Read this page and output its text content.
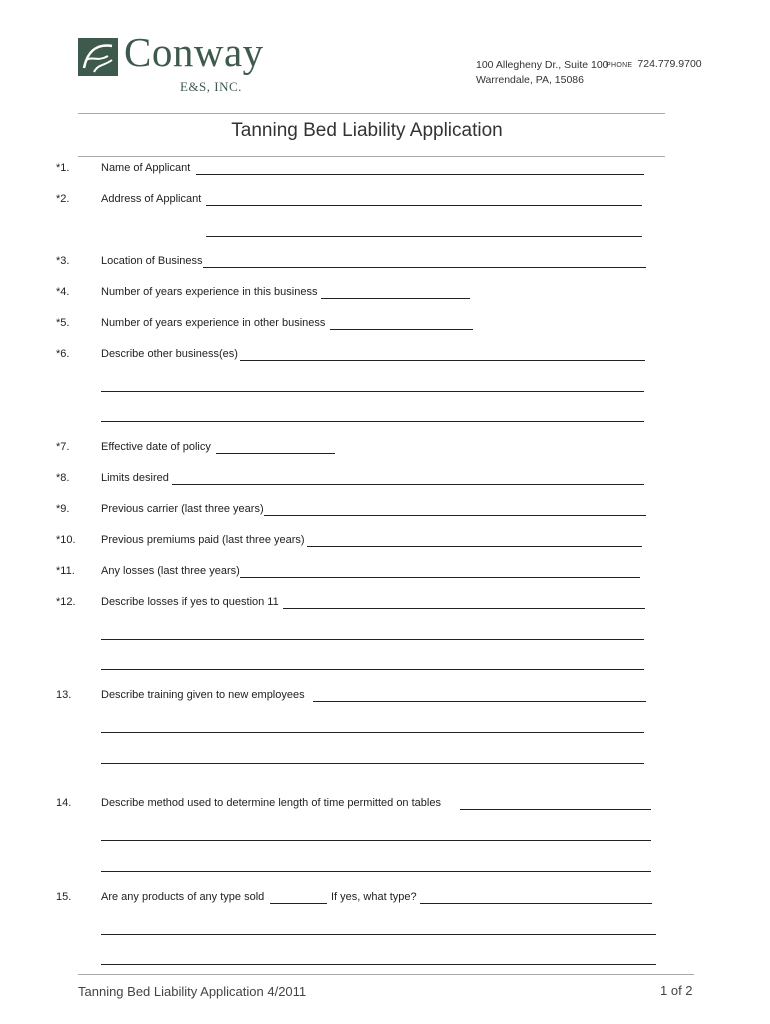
Conway
E&S, INC.
100 Allegheny Dr., Suite 100
Warrendale, PA, 15086
PHONE 724.779.9700
Tanning Bed Liability Application
*1.	Name of Applicant
*2.	Address of Applicant
*3.	Location of Business
*4.	Number of years experience in this business
*5.	Number of years experience in other business
*6.	Describe other business(es)
*7.	Effective date of policy
*8.	Limits desired
*9.	Previous carrier (last three years)
*10. Previous premiums paid (last three years)
*11. Any losses (last three years)
*12. Describe losses if yes to question 11
13.	Describe training given to new employees
14.	Describe method used to determine length of time permitted on tables
15.	Are any products of any type sold	If yes, what type?
Tanning Bed Liability Application 4/2011	1 of 2
